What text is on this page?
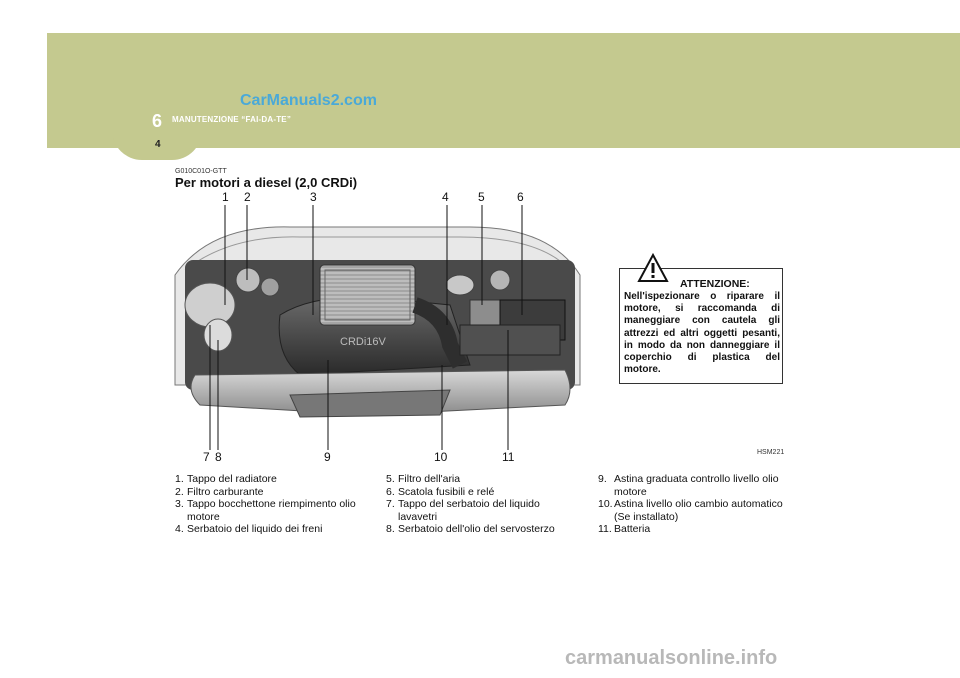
6 MANUTENZIONE “FAI-DA-TE”
4
CarManuals2.com
G010C01O-GTT
Per motori a diesel (2,0 CRDi)
1 2	3	4 5	6
CRDi16V
7 8	9	10	11	HSM221
ATTENZIONE:
Nell'ispezionare o riparare il motore, si raccomanda di maneggiare con cautela gli attrezzi ed altri oggetti pesanti, in modo da non danneggiare il coperchio di plastica del motore.
1. Tappo del radiatore
2. Filtro carburante
3. Tappo bocchettone riempimento olio motore
4. Serbatoio del liquido dei freni
5. Filtro dell'aria
6. Scatola fusibili e relé
7. Tappo del serbatoio del liquido lavavetri
8. Serbatoio dell'olio del servosterzo
9. Astina graduata controllo livello olio motore
10. Astina livello olio cambio automatico (Se installato)
11. Batteria
carmanualsonline.info
